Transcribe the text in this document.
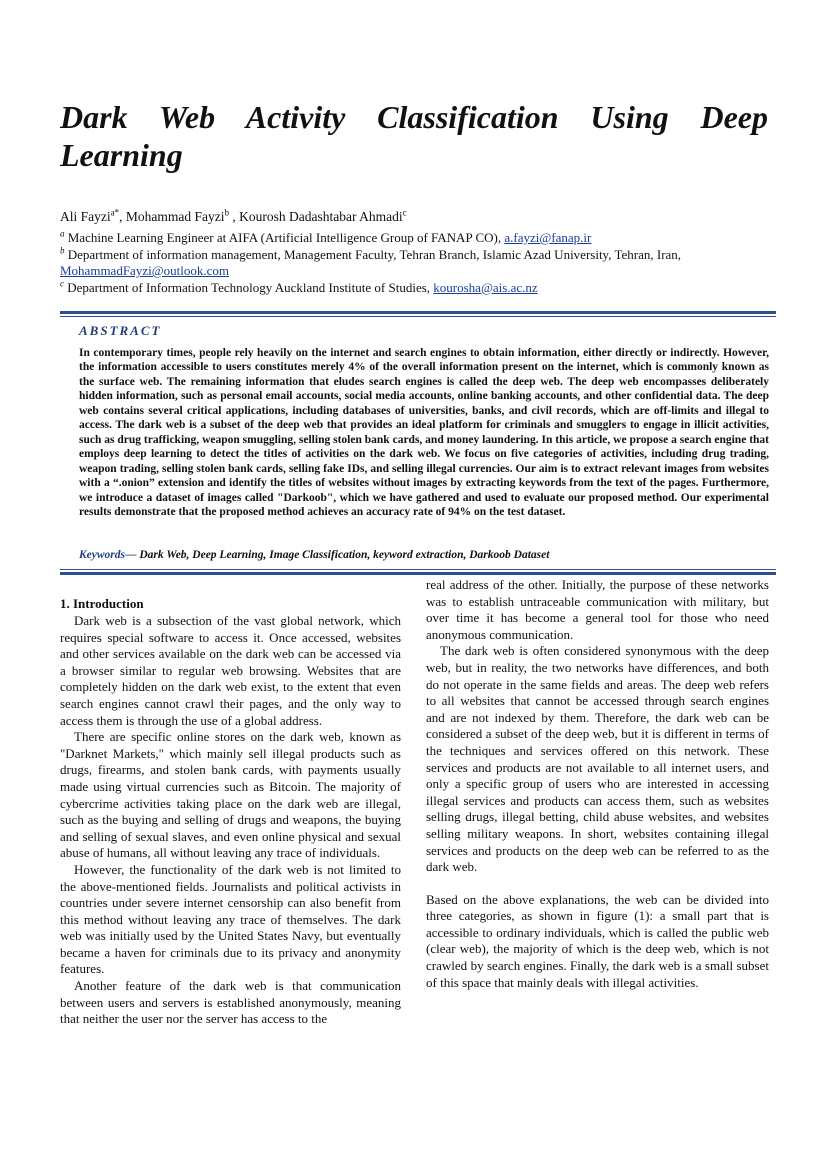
Dark Web Activity Classification Using Deep Learning
Ali Fayzi$^{a*}$, Mohammad Fayzi$^b$ , Kourosh Dadashtabar Ahmadi$^c$
$^a$ Machine Learning Engineer at AIFA (Artificial Intelligence Group of FANAP CO), a.fayzi@fanap.ir
$^b$ Department of information management, Management Faculty, Tehran Branch, Islamic Azad University, Tehran, Iran, MohammadFayzi@outlook.com
$^c$ Department of Information Technology Auckland Institute of Studies, kourosha@ais.ac.nz
ABSTRACT
In contemporary times, people rely heavily on the internet and search engines to obtain information, either directly or indirectly. However, the information accessible to users constitutes merely 4% of the overall information present on the internet, which is commonly known as the surface web. The remaining information that eludes search engines is called the deep web. The deep web encompasses deliberately hidden information, such as personal email accounts, social media accounts, online banking accounts, and other confidential data. The deep web contains several critical applications, including databases of universities, banks, and civil records, which are off-limits and illegal to access. The dark web is a subset of the deep web that provides an ideal platform for criminals and smugglers to engage in illicit activities, such as drug trafficking, weapon smuggling, selling stolen bank cards, and money laundering. In this article, we propose a search engine that employs deep learning to detect the titles of activities on the dark web. We focus on five categories of activities, including drug trading, weapon trading, selling stolen bank cards, selling fake IDs, and selling illegal currencies. Our aim is to extract relevant images from websites with a “.onion” extension and identify the titles of websites without images by extracting keywords from the text of the pages. Furthermore, we introduce a dataset of images called "Darkoob", which we have gathered and used to evaluate our proposed method. Our experimental results demonstrate that the proposed method achieves an accuracy rate of 94% on the test dataset.
Keywords— Dark Web, Deep Learning, Image Classification, keyword extraction, Darkoob Dataset
1. Introduction

Dark web is a subsection of the vast global network, which requires special software to access it. Once accessed, websites and other services available on the dark web can be accessed via a browser similar to regular web browsing. Websites that are completely hidden on the dark web exist, to the extent that even search engines cannot crawl their pages, and the only way to access them is through the use of a global address.

There are specific online stores on the dark web, known as "Darknet Markets," which mainly sell illegal products such as drugs, firearms, and stolen bank cards, with payments usually made using virtual currencies such as Bitcoin. The majority of cybercrime activities taking place on the dark web are illegal, such as the buying and selling of drugs and weapons, the buying and selling of sexual slaves, and even online physical and sexual abuse of humans, all without leaving any trace of individuals.

However, the functionality of the dark web is not limited to the above-mentioned fields. Journalists and political activists in countries under severe internet censorship can also benefit from this method without leaving any trace of themselves. The dark web was initially used by the United States Navy, but eventually became a haven for criminals due to its privacy and anonymity features.

Another feature of the dark web is that communication between users and servers is established anonymously, meaning that neither the user nor the server has access to the

real address of the other. Initially, the purpose of these networks was to establish untraceable communication with military, but over time it has become a general tool for those who need anonymous communication.

The dark web is often considered synonymous with the deep web, but in reality, the two networks have differences, and both do not operate in the same fields and areas. The deep web refers to all websites that cannot be accessed through search engines and are not indexed by them. Therefore, the dark web can be considered a subset of the deep web, but it is different in terms of the techniques and services offered on this network. These services and products are not available to all internet users, and only a specific group of users who are interested in accessing illegal services and products can access them, such as websites selling drugs, illegal betting, child abuse websites, and websites selling military weapons. In short, websites containing illegal services and products on the deep web can be referred to as the dark web.

Based on the above explanations, the web can be divided into three categories, as shown in figure (1): a small part that is accessible to ordinary individuals, which is called the public web (clear web), the majority of which is the deep web, which is not crawled by search engines. Finally, the dark web is a small subset of this space that mainly deals with illegal activities.
